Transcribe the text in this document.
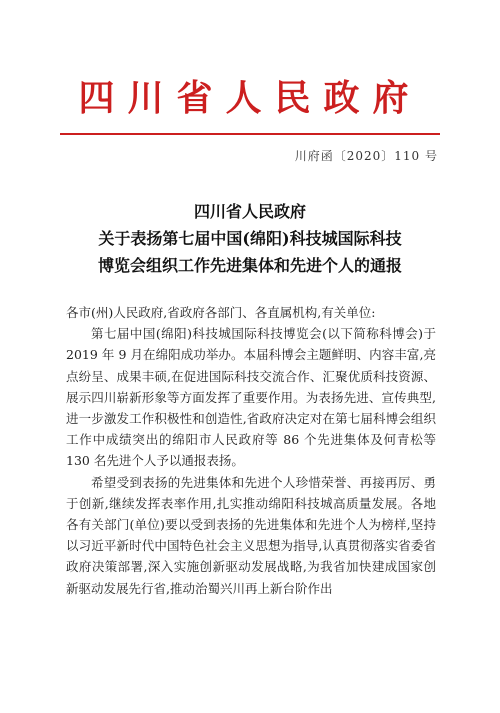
四川省人民政府
川府函〔2020〕110 号
四川省人民政府
关于表扬第七届中国(绵阳)科技城国际科技
博览会组织工作先进集体和先进个人的通报

各市(州)人民政府,省政府各部门、各直属机构,有关单位:

第七届中国(绵阳)科技城国际科技博览会(以下简称科博会)于 2019 年 9 月在绵阳成功举办。本届科博会主题鲜明、内容丰富,亮点纷呈、成果丰硕,在促进国际科技交流合作、汇聚优质科技资源、展示四川崭新形象等方面发挥了重要作用。为表扬先进、宣传典型,进一步激发工作积极性和创造性,省政府决定对在第七届科博会组织工作中成绩突出的绵阳市人民政府等 86 个先进集体及何青松等 130 名先进个人予以通报表扬。

希望受到表扬的先进集体和先进个人珍惜荣誉、再接再厉、勇于创新,继续发挥表率作用,扎实推动绵阳科技城高质量发展。各地各有关部门(单位)要以受到表扬的先进集体和先进个人为榜样,坚持以习近平新时代中国特色社会主义思想为指导,认真贯彻落实省委省政府决策部署,深入实施创新驱动发展战略,为我省加快建成国家创新驱动发展先行省,推动治蜀兴川再上新台阶作出
